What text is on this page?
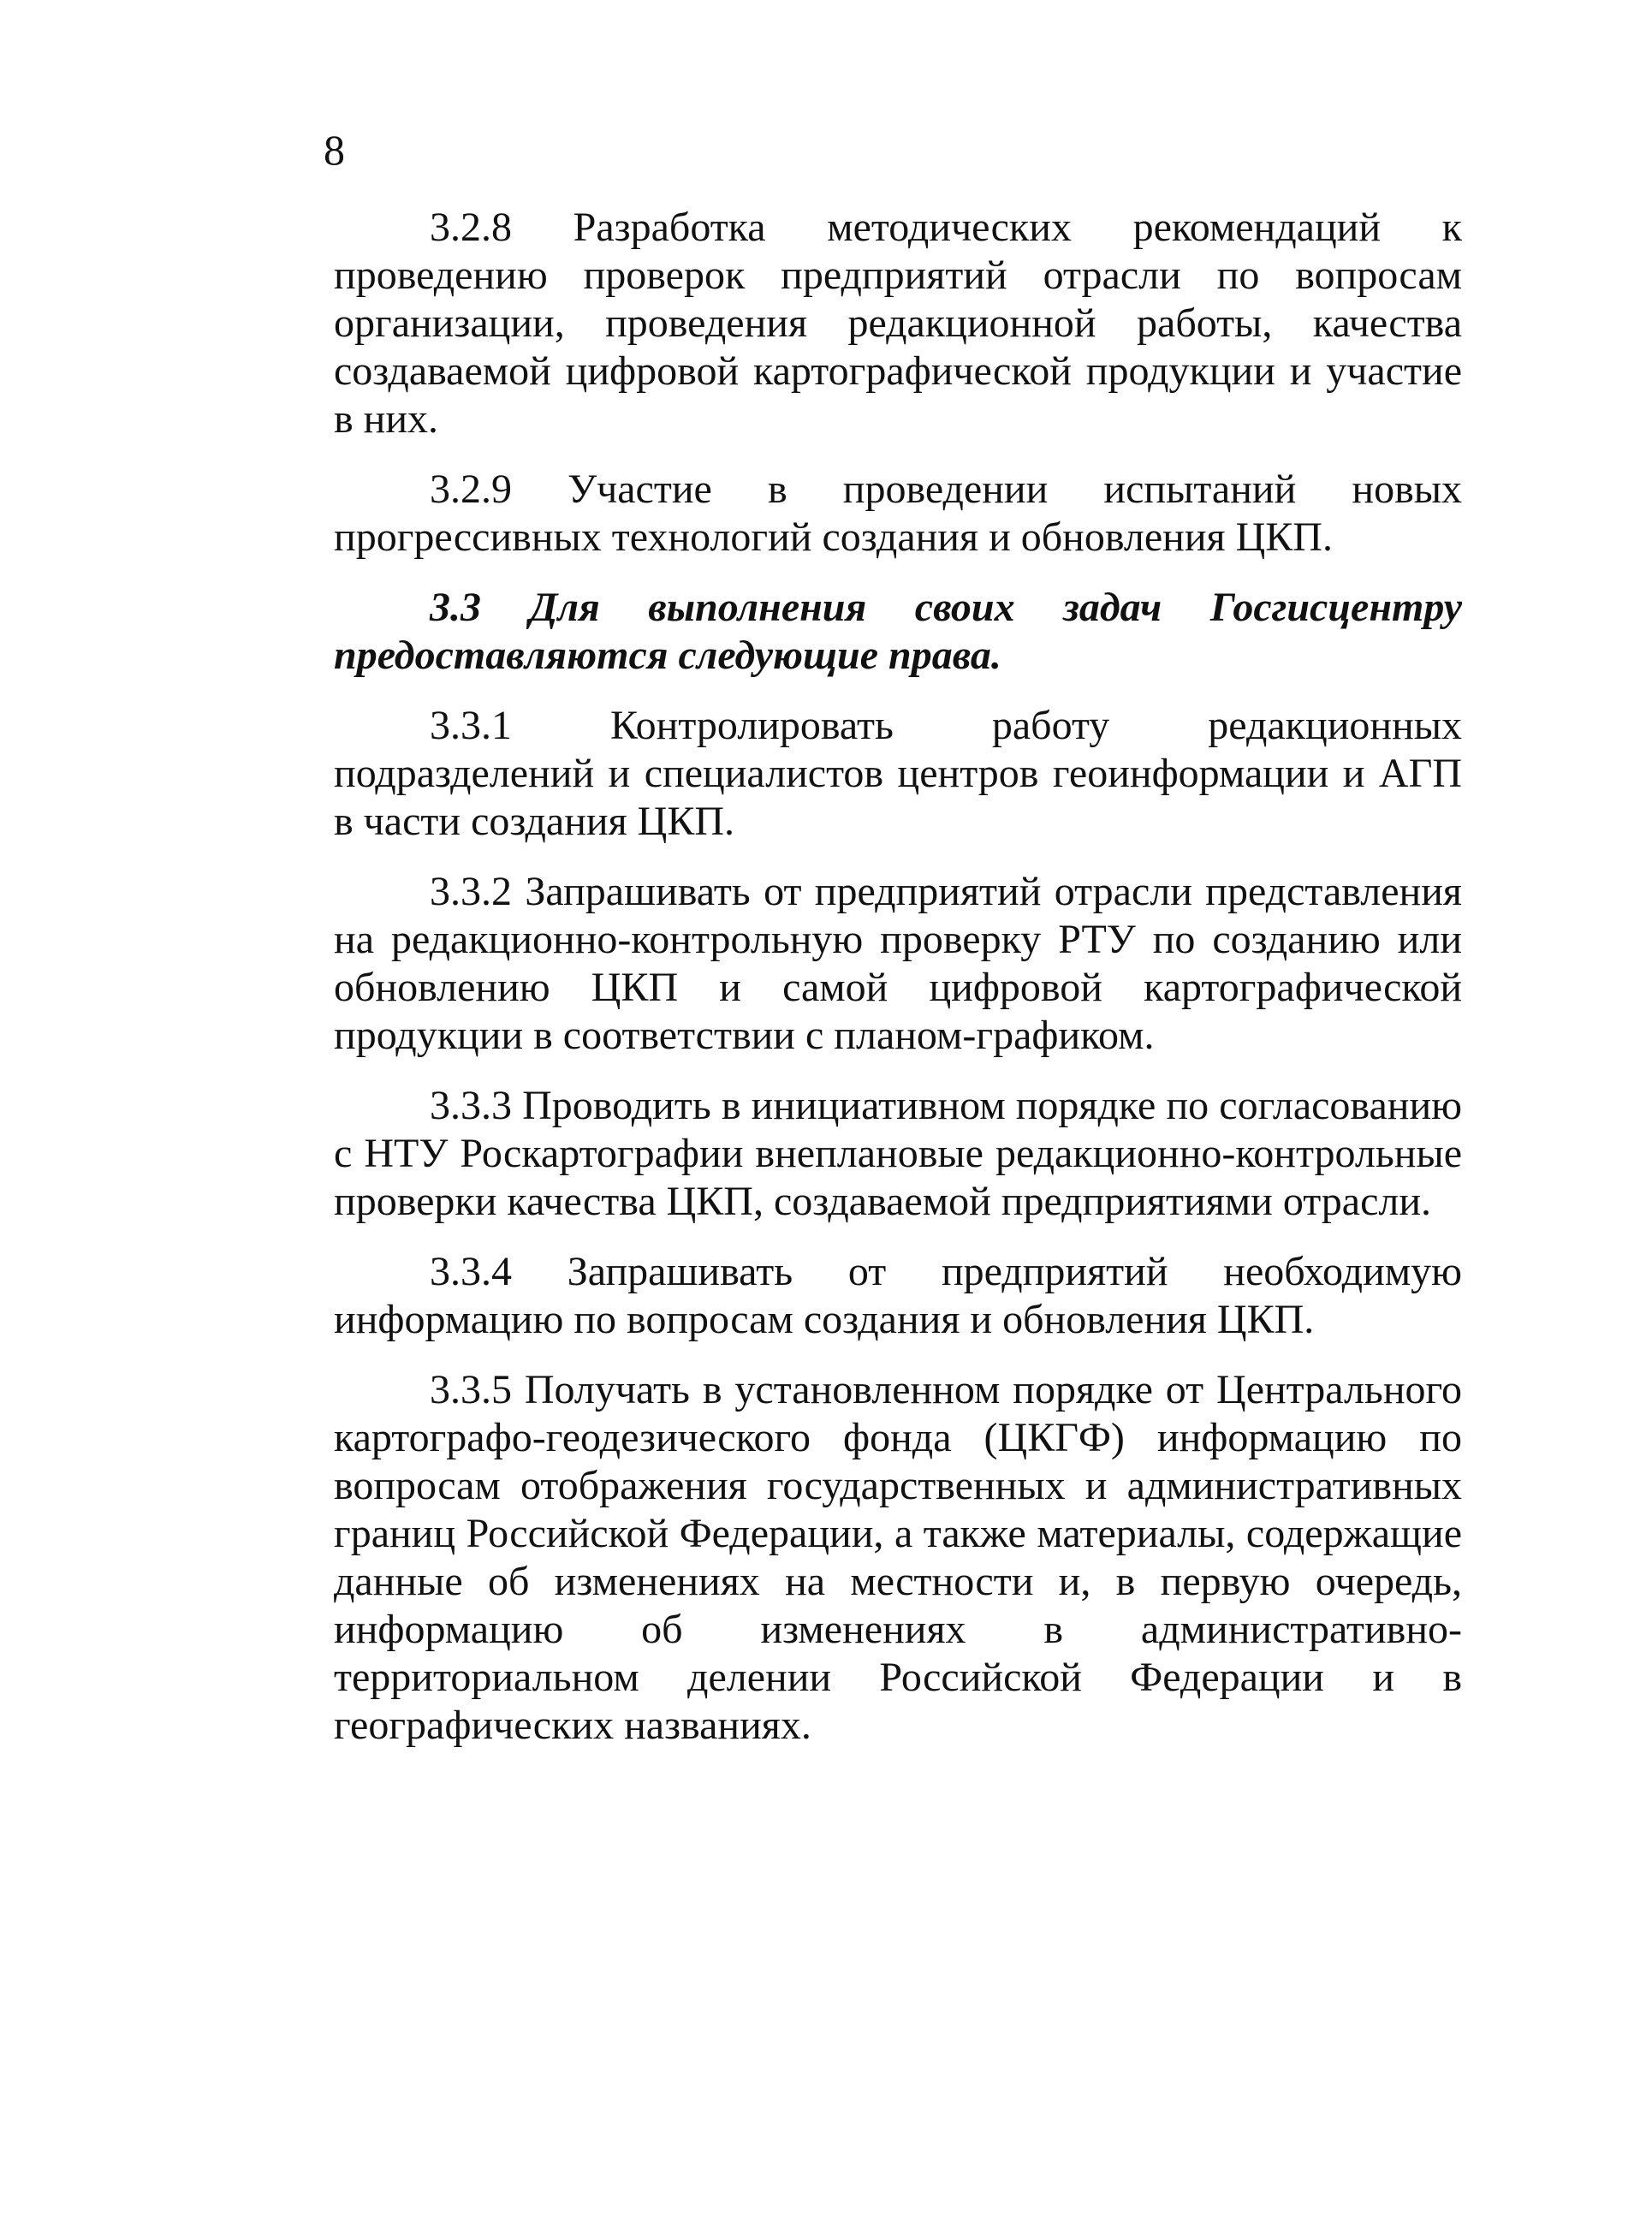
8

3.2.8 Разработка методических рекомендаций к проведению проверок предприятий отрасли по вопросам организации, проведения редакционной работы, качества создаваемой цифровой картографической продукции и участие в них.

3.2.9 Участие в проведении испытаний новых прогрессивных технологий создания и обновления ЦКП.

3.3 Для выполнения своих задач Госгисцентру предоставляются следующие права.

3.3.1 Контролировать работу редакционных подразделений и специалистов центров геоинформации и АГП в части создания ЦКП.

3.3.2 Запрашивать от предприятий отрасли представления на редакционно-контрольную проверку РТУ по созданию или обновлению ЦКП и самой цифровой картографической продукции в соответствии с планом-графиком.

3.3.3 Проводить в инициативном порядке по согласованию с НТУ Роскартографии внеплановые редакционно-контрольные проверки качества ЦКП, создаваемой предприятиями отрасли.

3.3.4 Запрашивать от предприятий необходимую информацию по вопросам создания и обновления ЦКП.

3.3.5 Получать в установленном порядке от Центрального картографо-геодезического фонда (ЦКГФ) информацию по вопросам отображения государственных и административных границ Российской Федерации, а также материалы, содержащие данные об изменениях на местности и, в первую очередь, информацию об изменениях в административно-территориальном делении Российской Федерации и в географических названиях.
